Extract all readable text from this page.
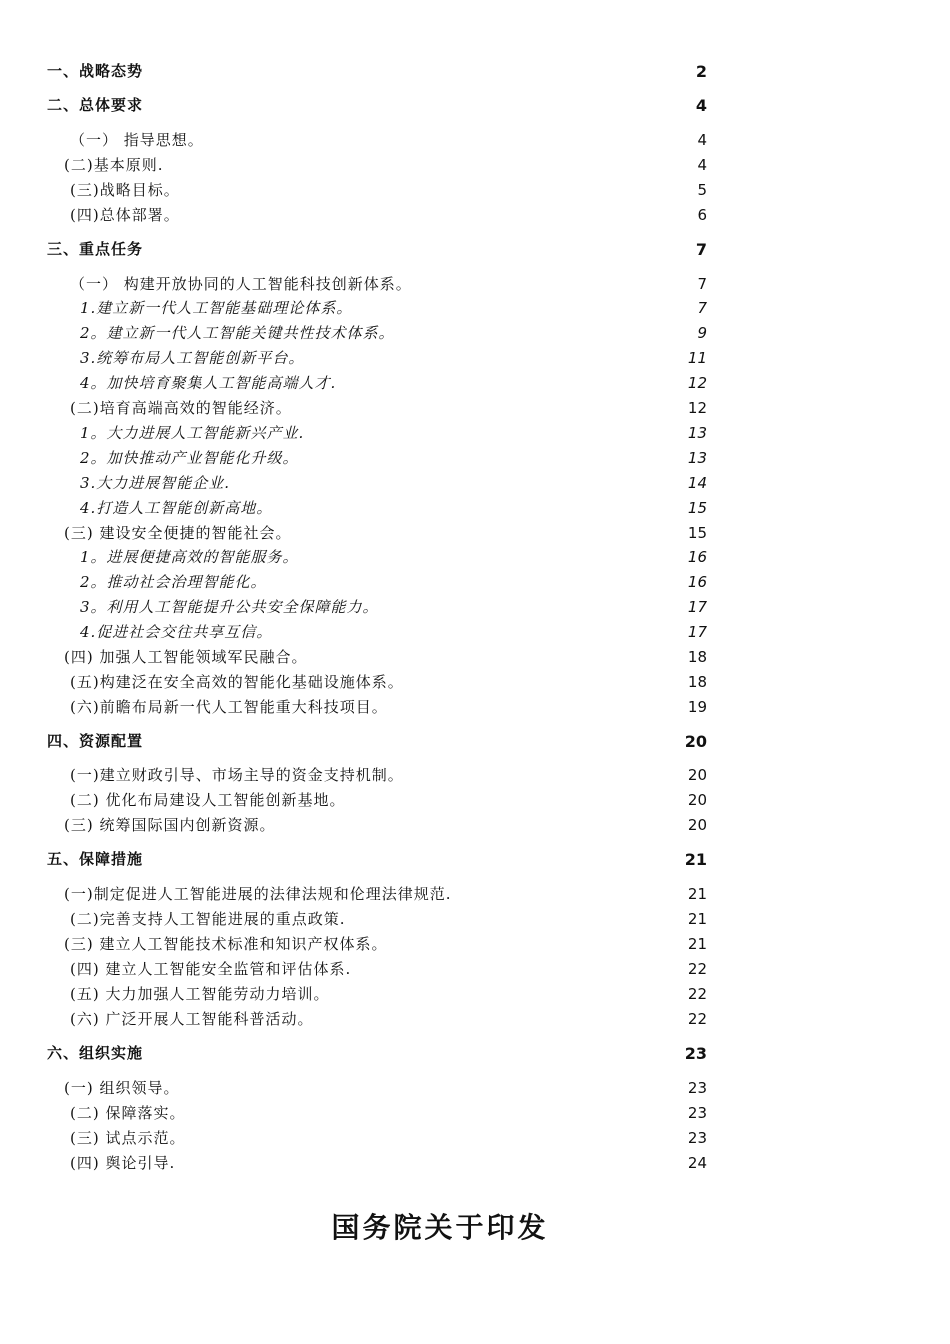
一、战略态势	2
二、总体要求	4
（一） 指导思想。	4
(二)基本原则.	4
(三)战略目标。	5
(四)总体部署。	6
三、重点任务	7
（一） 构建开放协同的人工智能科技创新体系。	7
1.建立新一代人工智能基础理论体系。	7
2。建立新一代人工智能关键共性技术体系。	9
3.统筹布局人工智能创新平台。	11
4。加快培育聚集人工智能高端人才.	12
(二)培育高端高效的智能经济。	12
1。大力进展人工智能新兴产业.	13
2。加快推动产业智能化升级。	13
3.大力进展智能企业.	14
4.打造人工智能创新高地。	15
(三) 建设安全便捷的智能社会。	15
1。进展便捷高效的智能服务。	16
2。推动社会治理智能化。	16
3。利用人工智能提升公共安全保障能力。	17
4.促进社会交往共享互信。	17
(四) 加强人工智能领域军民融合。	18
(五)构建泛在安全高效的智能化基础设施体系。	18
(六)前瞻布局新一代人工智能重大科技项目。	19
四、资源配置	20
(一)建立财政引导、市场主导的资金支持机制。	20
(二) 优化布局建设人工智能创新基地。	20
(三) 统筹国际国内创新资源。	20
五、保障措施	21
(一)制定促进人工智能进展的法律法规和伦理法律规范.	21
(二)完善支持人工智能进展的重点政策.	21
(三) 建立人工智能技术标准和知识产权体系。	21
(四) 建立人工智能安全监管和评估体系.	22
(五) 大力加强人工智能劳动力培训。	22
(六) 广泛开展人工智能科普活动。	22
六、组织实施	23
(一) 组织领导。	23
(二) 保障落实。	23
(三) 试点示范。	23
(四) 舆论引导.	24
国务院关于印发
